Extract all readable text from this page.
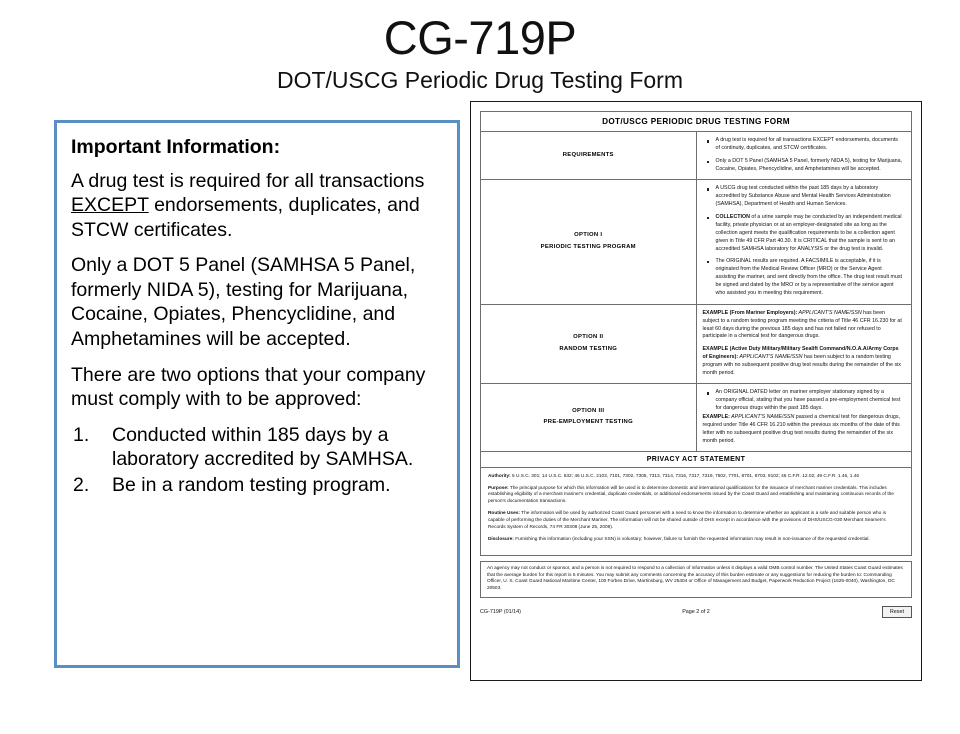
CG-719P
DOT/USCG Periodic Drug Testing Form
Important Information:

A drug test is required for all transactions EXCEPT endorsements, duplicates, and STCW certificates.

Only a DOT 5 Panel (SAMHSA 5 Panel, formerly NIDA 5), testing for Marijuana, Cocaine, Opiates, Phencyclidine, and Amphetamines will be accepted.

There are two options that your company must comply with to be approved:

1.	Conducted within 185 days by a laboratory accredited by SAMHSA.
2.	Be in a random testing program.
DOT/USCG PERIODIC DRUG TESTING FORM	
REQUIREMENTS	
A drug test is required for all transactions EXCEPT endorsements, documents of continuity, duplicates, and STCW certificates.
Only a DOT 5 Panel (SAMHSA 5 Panel, formerly NIDA 5), testing for Marijuana, Cocaine, Opiates, Phencyclidine, and Amphetamines will be accepted.

OPTION I
PERIODIC TESTING PROGRAM

A USCG drug test conducted within the past 185 days by a laboratory accredited by Substance Abuse and Mental Health Services Administration (SAMHSA), Department of Health and Human Services.
COLLECTION of a urine sample may be conducted by an independent medical facility, private physician or at an employer-designated site as long as the collection agent meets the qualification requirements to be a collection agent given in Title 49 CFR Part 40.30. It is CRITICAL that the sample is sent to an accredited SAMHSA laboratory for ANALYSIS or the drug test is invalid.
The ORIGINAL results are required. A FACSIMILE is acceptable, if it is originated from the Medical Review Officer (MRO) or the Service Agent assisting the mariner, and sent directly from the office. The drug test result must be signed and dated by the MRO or by a representative of the service agent who assisted you in meeting this requirement.

OPTION II
RANDOM TESTING

EXAMPLE (From Mariner Employers): APPLICANT'S NAME/SSN has been subject to a random testing program meeting the criteria of Title 46 CFR 16.230 for at least 60 days during the previous 185 days and has not failed nor refused to participate in a chemical test for dangerous drugs.

EXAMPLE (Active Duty Military/Military Sealift Command/N.O.A.A/Army Corps of Engineers): APPLICANT'S NAME/SSN has been subject to a random testing program with no subsequent positive drug test results during the remainder of the six month period.

OPTION III
PRE-EMPLOYMENT TESTING

An ORIGINAL DATED letter on mariner employer stationary signed by a company official, stating that you have passed a pre-employment chemical test for dangerous drugs within the past 185 days.

EXAMPLE: APPLICANT'S NAME/SSN passed a chemical test for dangerous drugs, required under Title 46 CFR 16.210 within the previous six months of the date of this letter with no subsequent positive drug test results during the remainder of the six month period.

PRIVACY ACT STATEMENT	

Authority: 5 U.S.C. 301; 14 U.S.C. 632; 46 U.S.C. 2103, 7101, 7302, 7305, 7313, 7314, 7316, 7317, 7319, 7502, 7701, 8701, 8703, 9102; 46 C.F.R. 12.02; 49 C.F.R. 1.45, 1.46

Purpose: The principal purpose for which this information will be used is to determine domestic and international qualifications for the issuance of merchant mariner credentials. This includes establishing eligibility of a merchant mariner's credential, duplicate credentials, or additional endorsements issued by the Coast Guard and establishing and maintaining continuous records of the person's documentation transactions.

Routine Uses: The information will be used by authorized Coast Guard personnel with a need to know the information to determine whether an applicant is a safe and suitable person who is capable of performing the duties of the Merchant Mariner. The information will not be shared outside of DHS except in accordance with the provisions of DHS/USCG-030 Merchant Seamen's Records System of Records, 74 FR 30308 (June 25, 2009).

Disclosure: Furnishing this information (including your SSN) is voluntary; however, failure to furnish the requested information may result in non-issuance of the requested credential.	

An agency may not conduct or sponsor, and a person is not required to respond to a collection of information unless it displays a valid OMB control number. The United States Coast Guard estimates that the average burden for this report is 5 minutes. You may submit any comments concerning the accuracy of this burden estimate or any suggestions for reducing the burden to: Commanding Officer, U. S. Coast Guard National Maritime Center, 100 Forbes Drive, Martinsburg, WV 25404 or Office of Management and Budget, Paperwork Reduction Project (1625-0040), Washington, DC 20503.

CG-719P (01/14)	Page 2 of 2	Reset
